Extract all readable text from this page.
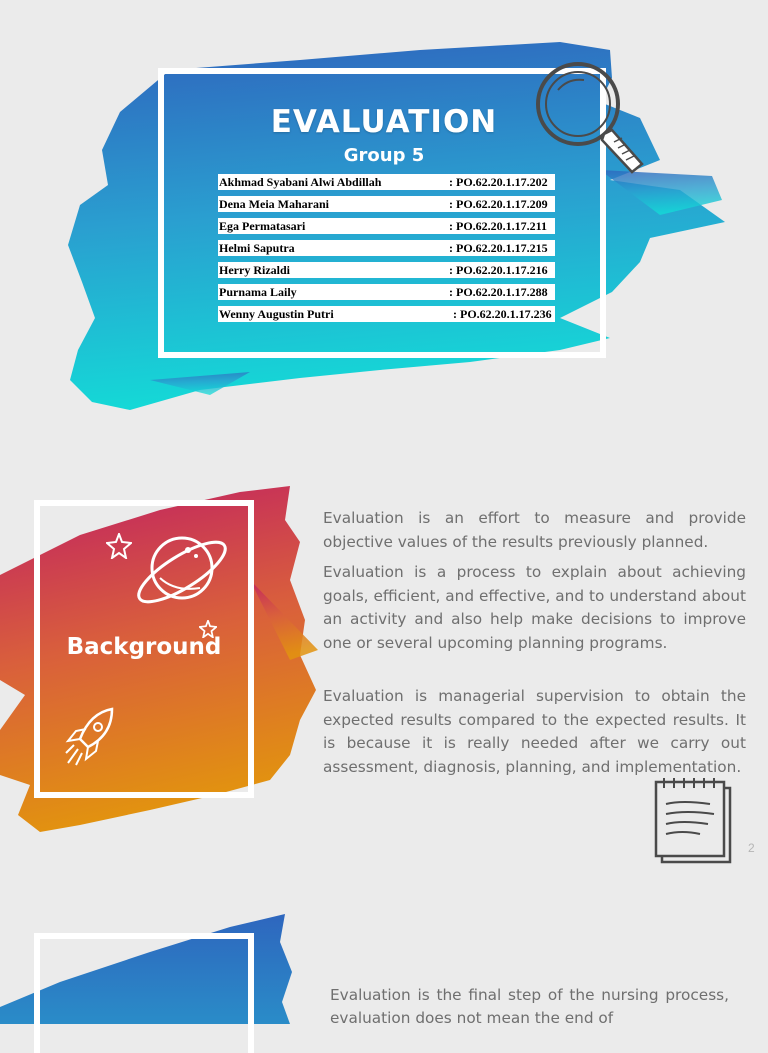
EVALUATION
Group 5
Akhmad Syabani Alwi Abdillah	: PO.62.20.1.17.202
Dena Meia Maharani	: PO.62.20.1.17.209
Ega Permatasari	: PO.62.20.1.17.211
Helmi Saputra	: PO.62.20.1.17.215
Herry Rizaldi	: PO.62.20.1.17.216
Purnama Laily	: PO.62.20.1.17.288
Wenny Augustin Putri	: PO.62.20.1.17.236
Background

Evaluation is an effort to measure and provide objective values of the results previously planned.

Evaluation is a process to explain about achieving goals, efficient, and effective, and to understand about an activity and also help make decisions to improve one or several upcoming planning programs.

Evaluation is managerial supervision to obtain the expected results compared to the expected results. It is because it is really needed after we carry out assessment, diagnosis, planning, and implementation.

2

Evaluation is the final step of the nursing process, evaluation does not mean the end of
